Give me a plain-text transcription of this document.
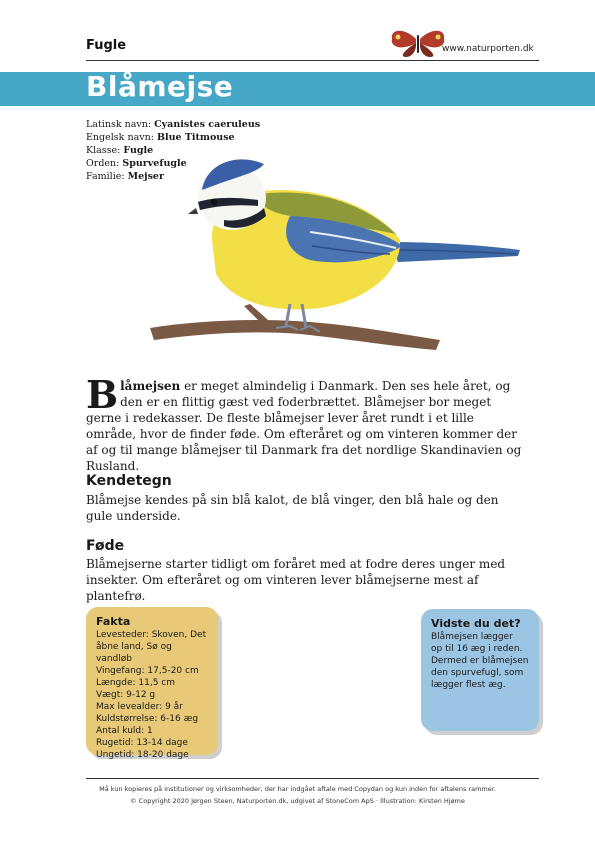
Fugle	www.naturporten.dk
Blåmejse
Latinsk navn: Cyanistes caeruleus
Engelsk navn: Blue Titmouse
Klasse: Fugle
Orden: Spurvefugle
Familie: Mejser
Blåmejsen er meget almindelig i Danmark. Den ses hele året, og den er en flittig gæst ved foderbrættet. Blåmejser bor meget gerne i redekasser. De fleste blåmejser lever året rundt i et lille område, hvor de finder føde. Om efteråret og om vinteren kommer der af og til mange blåmejser til Danmark fra det nordlige Skandinavien og Rusland.
Kendetegn
Blåmejse kendes på sin blå kalot, de blå vinger, den blå hale og den gule underside.
Føde
Blåmejserne starter tidligt om foråret med at fodre deres unger med insekter. Om efteråret og om vinteren lever blåmejserne mest af plantefrø.
Fakta
Levesteder: Skoven, Det
åbne land, Sø og vandløb
Vingefang: 17,5-20 cm
Længde: 11,5 cm
Vægt: 9-12 g
Max levealder: 9 år
Kuldstørrelse: 6-16 æg
Antal kuld: 1
Rugetid: 13-14 dage
Ungetid: 18-20 dage
Vidste du det?
Blåmejsen lægger
op til 16 æg i reden.
Dermed er blåmejsen
den spurvefugl, som
lægger flest æg.
Må kun kopieres på institutioner og virksomheder, der har indgået aftale med Copydan og kun inden for aftalens rammer.
© Copyright 2020 Jørgen Steen, Naturporten.dk, udgivet af StoneCom ApS · Illustration: Kirsten Hjøme
